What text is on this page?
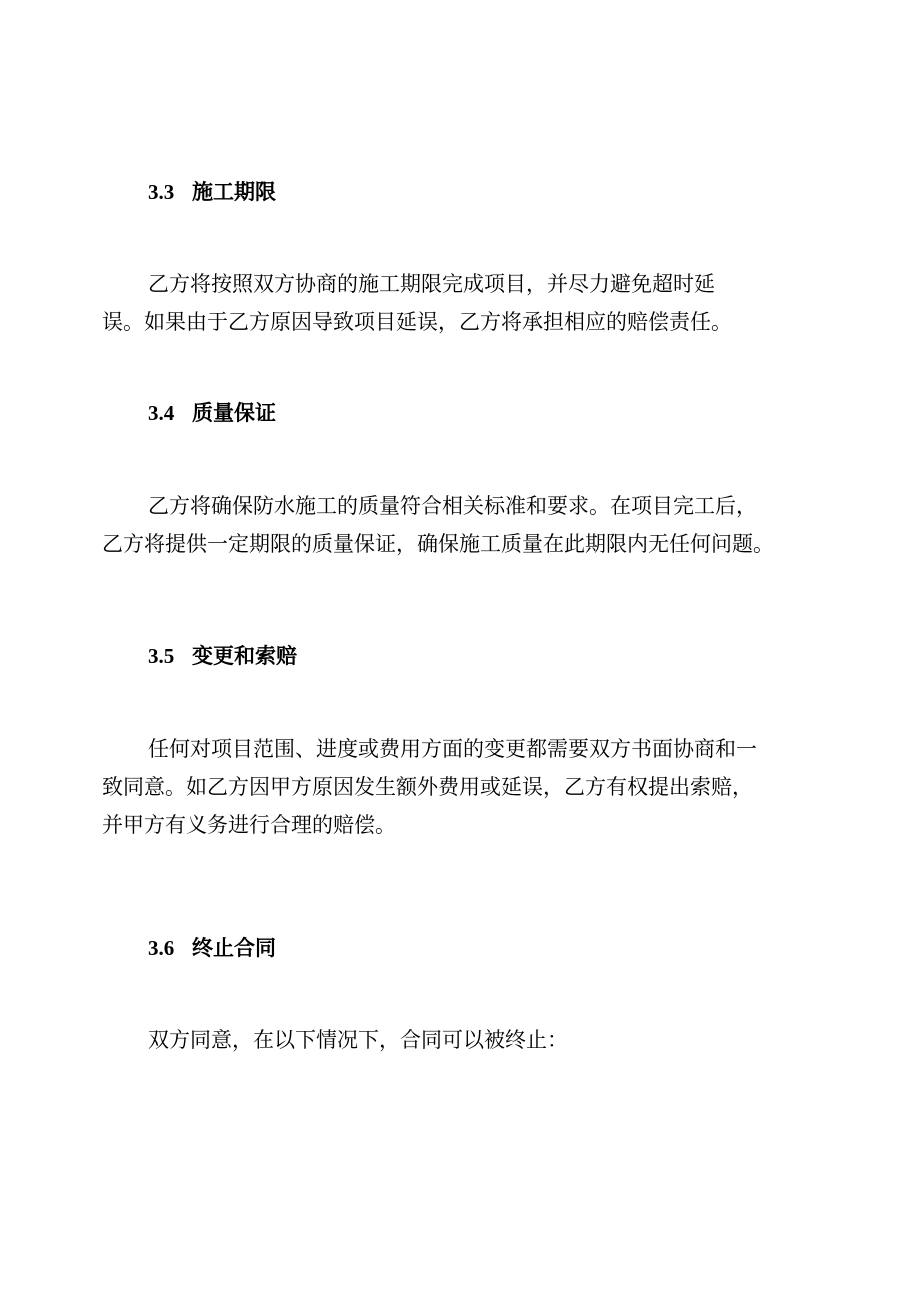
3.3 施工期限
乙方将按照双方协商的施工期限完成项目，并尽力避免超时延
误。如果由于乙方原因导致项目延误，乙方将承担相应的赔偿责任。
3.4 质量保证
乙方将确保防水施工的质量符合相关标准和要求。在项目完工后，
乙方将提供一定期限的质量保证，确保施工质量在此期限内无任何问题。
3.5 变更和索赔
任何对项目范围、进度或费用方面的变更都需要双方书面协商和一
致同意。如乙方因甲方原因发生额外费用或延误，乙方有权提出索赔，
并甲方有义务进行合理的赔偿。
3.6 终止合同
双方同意，在以下情况下，合同可以被终止：
